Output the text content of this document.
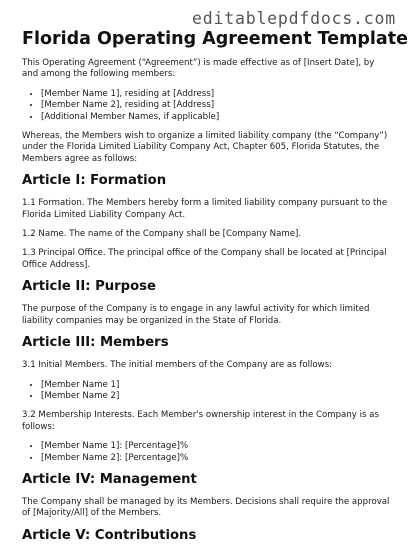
editablepdfdocs.com
Florida Operating Agreement Template

This Operating Agreement (“Agreement”) is made effective as of [Insert Date], by and among the following members:

• [Member Name 1], residing at [Address]
• [Member Name 2], residing at [Address]
• [Additional Member Names, if applicable]

Whereas, the Members wish to organize a limited liability company (the “Company”) under the Florida Limited Liability Company Act, Chapter 605, Florida Statutes, the Members agree as follows:

Article I: Formation

1.1 Formation. The Members hereby form a limited liability company pursuant to the Florida Limited Liability Company Act.

1.2 Name. The name of the Company shall be [Company Name].

1.3 Principal Office. The principal office of the Company shall be located at [Principal Office Address].

Article II: Purpose

The purpose of the Company is to engage in any lawful activity for which limited liability companies may be organized in the State of Florida.

Article III: Members

3.1 Initial Members. The initial members of the Company are as follows:

• [Member Name 1]
• [Member Name 2]

3.2 Membership Interests. Each Member's ownership interest in the Company is as follows:

• [Member Name 1]: [Percentage]%
• [Member Name 2]: [Percentage]%
Article IV: Management

The Company shall be managed by its Members. Decisions shall require the approval of [Majority/All] of the Members.

Article V: Contributions
